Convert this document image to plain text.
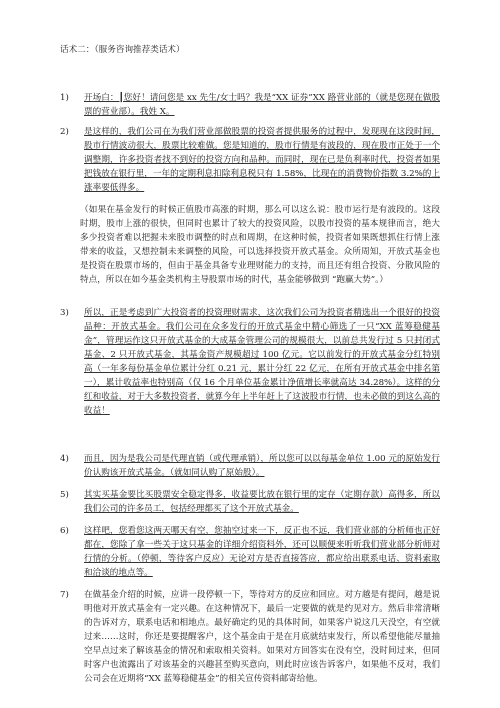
话术二：（服务咨询推荐类话术）
1) 开场白：┃您好！请问您是 xx 先生/女士吗？我是“XX 证券”XX 路营业部的（就是您现在做股票的营业部）。我姓 X。
2) 是这样的，我们公司在为我们营业部做股票的投资者提供服务的过程中，发现现在这段时间，股市行情波动很大，股票比较难做。您是知道的，股市行情是有波段的，现在股市正处于一个调整期，许多投资者找不到好的投资方向和品种。而同时，现在已是负利率时代，投资者如果把钱放在银行里，一年的定期利息扣除利息税只有 1.58%，比现在的消费物价指数 3.2%的上涨率要低得多。
（如果在基金发行的时候正值股市高涨的时期，那么可以这么说：股市运行是有波段的。这段时期，股市上涨的很快，但同时也累计了较大的投资风险，以股市投资的基本规律而言，绝大多少投资者难以把握未来股市调整的时点和周期，在这种时候，投资者如果既想抓住行情上涨带来的收益，又想控制未来调整的风险，可以选择投资开放式基金。众所周知，开放式基金也是投资在股票市场的，但由于基金具备专业理财能力的支持，而且还有组合投资、分散风险的特点，所以在如今基金类机构主导股票市场的时代，基金能够做到 “跑赢大势”。）
3) 所以，正是考虑到广大投资者的投资理财需求，这次我们公司为投资者精选出一个很好的投资品种：开放式基金。我们公司在众多发行的开放式基金中精心筛选了一只“XX 蓝筹稳健基金”，管理运作这只开放式基金的大成基金管理公司的规模很大，以前总共发行过 5 只封闭式基金、2 只开放式基金，其基金资产规模超过 100 亿元。它以前发行的开放式基金分红特别高（一年多每份基金单位累计分红 0.21 元，累计分红 22 亿元，在所有开放式基金中排名第一），累计收益率也特别高（仅 16 个月单位基金累计净值增长率就高达 34.28%）。这样的分红和收益，对于大多数投资者，就算今年上半年赶上了这波股市行情，也未必做的到这么高的收益！
4) 而且，因为是我公司是代理直销（或代理承销），所以您可以以每基金单位 1.00 元的原始发行价认购该开放式基金。（就如同认购了原始股）。
5) 其实买基金要比买股票安全稳定得多，收益要比放在银行里的定存（定期存款）高得多，所以我们公司的许多员工，包括经理都买了这个开放式基金。
6) 这样吧，您看您这两天哪天有空，您抽空过来一下，反正也不远，我们营业部的分析师也正好都在，您除了拿一些关于这只基金的详细介绍资料外，还可以顺便来听听我们营业部分析师对行情的分析。（停顿，等待客户反应）无论对方是否直接答应，都应给出联系电话、资料索取和洽谈的地点等。
7) 在做基金介绍的时候，应讲一段停顿一下，等待对方的反应和回应。对方越是有提问，越是说明他对开放式基金有一定兴趣。在这种情况下，最后一定要做的就是约见对方。然后非常清晰的告诉对方，联系电话和相地点。最好确定约见的具体时间，如果客户说这几天没空，有空就过来……这时，你还是要提醒客户，这个基金由于是在月底就结束发行，所以希望他能尽量抽空早点过来了解该基金的情况和索取相关资料。如果对方回答实在没有空，没时间过来，但同时客户也流露出了对该基金的兴趣甚至购买意向，则此时应该告诉客户，如果他不反对，我们公司会在近期将“XX 蓝筹稳健基金”的相关宣传资料邮寄给他。
